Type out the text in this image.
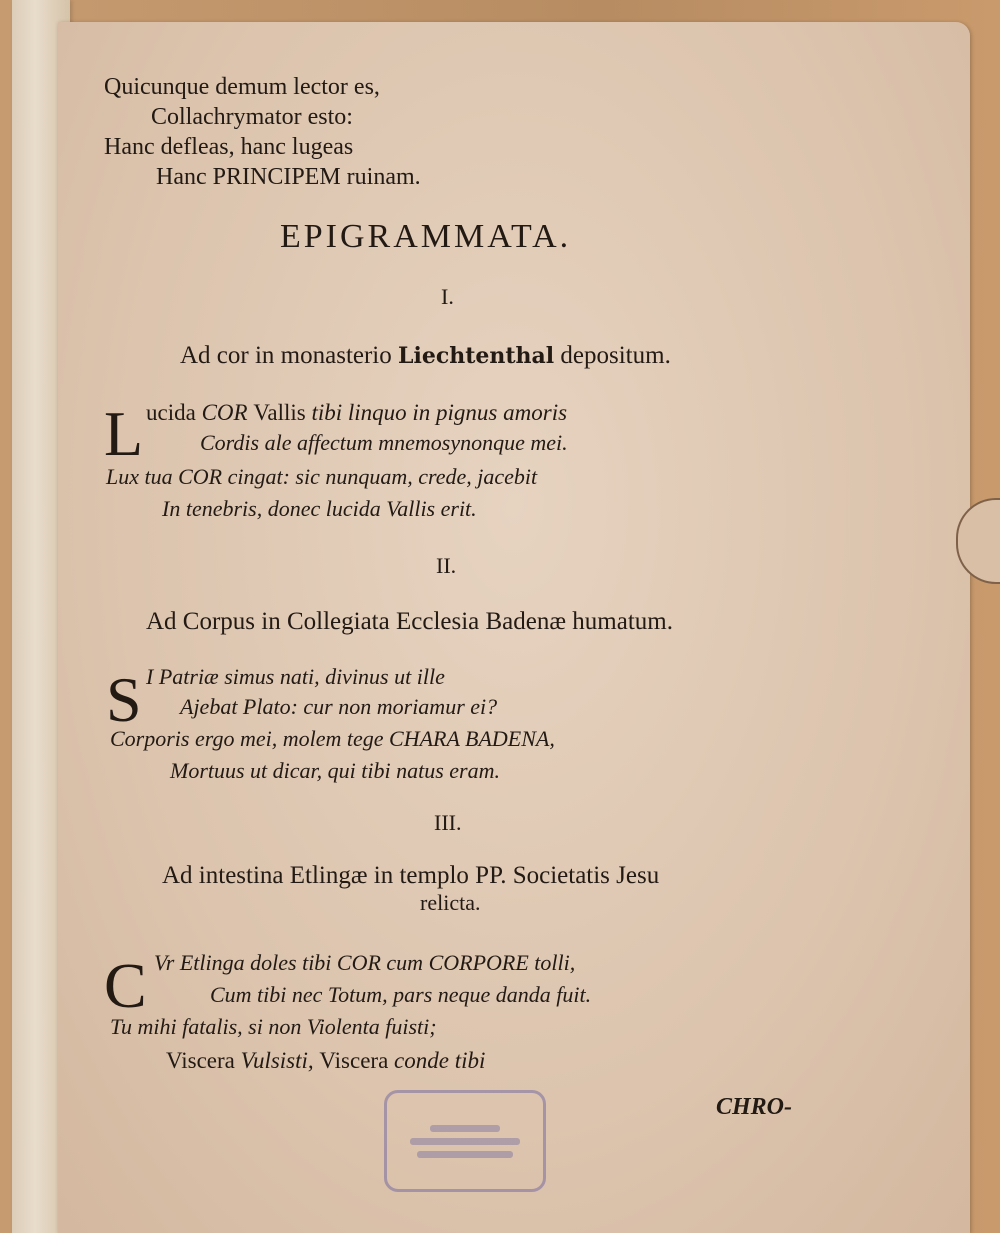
Quicunque demum lector es,
Collachrymator esto:
Hanc defleas, hanc lugeas
Hanc PRINCIPEM ruinam.
EPIGRAMMATA.
I.
Ad cor in monasterio Liechtenthal depositum.
L ucida COR Vallis tibi linquo in pignus amoris
Cordis ale affectum mnemosynonque mei.
Lux tua COR cingat: sic nunquam, crede, jacebit
In tenebris, donec lucida Vallis erit.
II.
Ad Corpus in Collegiata Ecclesia Badenæ humatum.
S I Patriæ simus nati, divinus ut ille
Ajebat Plato: cur non moriamur ei?
Corporis ergo mei, molem tege CHARA BADENA,
Mortuus ut dicar, qui tibi natus eram.
III.
Ad intestina Etlingæ in templo PP. Societatis Jesu
relicta.
C Vr Etlinga doles tibi COR cum CORPORE tolli,
Cum tibi nec Totum, pars neque danda fuit.
Tu mihi fatalis, si non Violenta fuisti;
Viscera Vulsisti, Viscera conde tibi
CHRO-
